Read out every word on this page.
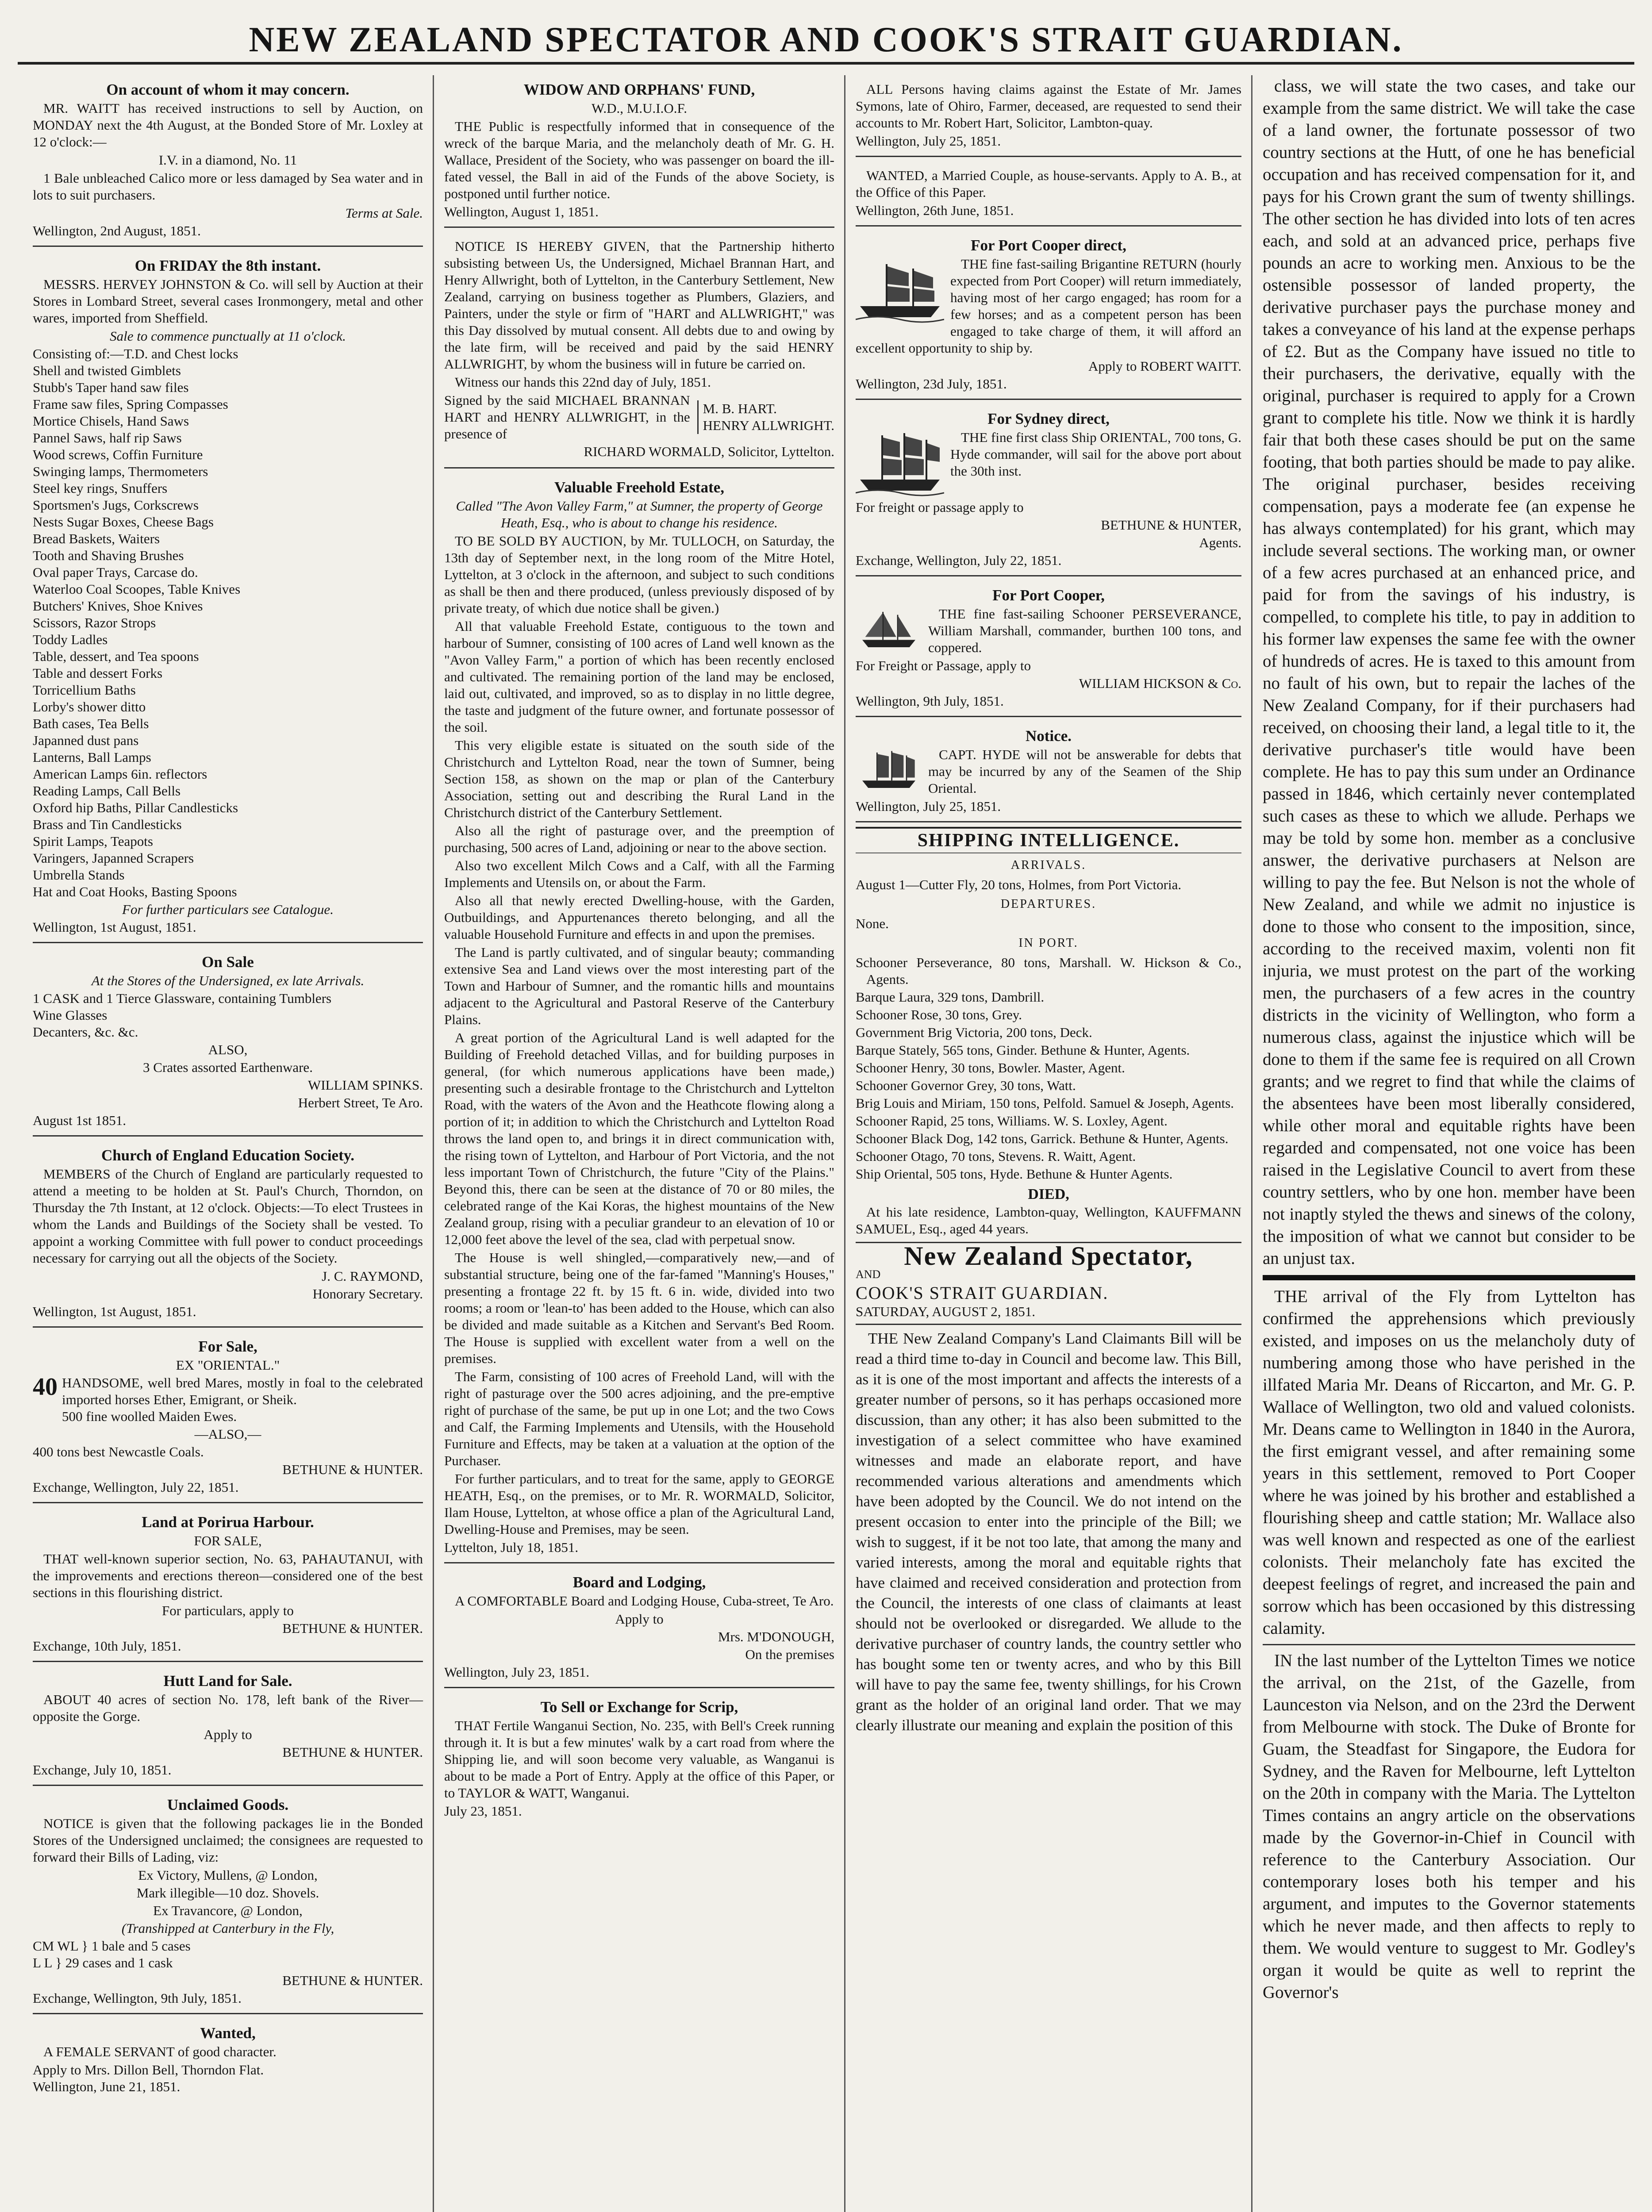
NEW ZEALAND SPECTATOR AND COOK'S STRAIT GUARDIAN.
On account of whom it may concern.

MR. WAITT has received instructions to sell by Auction, on MONDAY next the 4th August, at the Bonded Store of Mr. Loxley at 12 o'clock:—

I.V. in a diamond, No. 11

1 Bale unbleached Calico more or less damaged by Sea water and in lots to suit purchasers.

Terms at Sale.
Wellington, 2nd August, 1851.
On FRIDAY the 8th instant.

MESSRS. HERVEY JOHNSTON & Co. will sell by Auction at their Stores in Lombard Street, several cases Ironmongery, metal and other wares, imported from Sheffield.

Sale to commence punctually at 11 o'clock.
Consisting of:—T.D. and Chest locks
Shell and twisted Gimblets
Stubb's Taper hand saw files
Frame saw files, Spring Compasses
Mortice Chisels, Hand Saws
Pannel Saws, half rip Saws
Wood screws, Coffin Furniture
Swinging lamps, Thermometers
Steel key rings, Snuffers
Sportsmen's Jugs, Corkscrews
Nests Sugar Boxes, Cheese Bags
Bread Baskets, Waiters
Tooth and Shaving Brushes
Oval paper Trays, Carcase do.
Waterloo Coal Scoopes, Table Knives
Butchers' Knives, Shoe Knives
Scissors, Razor Strops
Toddy Ladles
Table, dessert, and Tea spoons
Table and dessert Forks
Torricellium Baths
Lorby's shower ditto
Bath cases, Tea Bells
Japanned dust pans
Lanterns, Ball Lamps
American Lamps 6in. reflectors
Reading Lamps, Call Bells
Oxford hip Baths, Pillar Candlesticks
Brass and Tin Candlesticks
Spirit Lamps, Teapots
Varingers, Japanned Scrapers
Umbrella Stands
Hat and Coat Hooks, Basting Spoons
For further particulars see Catalogue.
Wellington, 1st August, 1851.
On Sale
At the Stores of the Undersigned, ex late Arrivals.
1 CASK and 1 Tierce Glassware, containing Tumblers
Wine Glasses
Decanters, &c. &c.
ALSO,
3 Crates assorted Earthenware.
WILLIAM SPINKS.
Herbert Street, Te Aro.
August 1st 1851.
Church of England Education Society.

MEMBERS of the Church of England are particularly requested to attend a meeting to be holden at St. Paul's Church, Thorndon, on Thursday the 7th Instant, at 12 o'clock. Objects:—To elect Trustees in whom the Lands and Buildings of the Society shall be vested. To appoint a working Committee with full power to conduct proceedings necessary for carrying out all the objects of the Society.

J. C. RAYMOND,
Honorary Secretary.
Wellington, 1st August, 1851.
For Sale,
EX "ORIENTAL."
40 HANDSOME, well bred Mares, mostly in foal to the celebrated imported horses Ether, Emigrant, or Sheik.
500 fine woolled Maiden Ewes.
—ALSO,—
400 tons best Newcastle Coals.
BETHUNE & HUNTER.
Exchange, Wellington, July 22, 1851.
Land at Porirua Harbour.
FOR SALE,

THAT well-known superior section, No. 63, PAHAUTANUI, with the improvements and erections thereon—considered one of the best sections in this flourishing district.

For particulars, apply to
BETHUNE & HUNTER.
Exchange, 10th July, 1851.
Hutt Land for Sale.

ABOUT 40 acres of section No. 178, left bank of the River—opposite the Gorge.

Apply to
BETHUNE & HUNTER.
Exchange, July 10, 1851.
Unclaimed Goods.

NOTICE is given that the following packages lie in the Bonded Stores of the Undersigned unclaimed; the consignees are requested to forward their Bills of Lading, viz:

Ex Victory, Mullens, @ London,
Mark illegible—10 doz. Shovels.
Ex Travancore, @ London,
(Transhipped at Canterbury in the Fly,
CM WL } 1 bale and 5 cases
L L } 29 cases and 1 cask
BETHUNE & HUNTER.
Exchange, Wellington, 9th July, 1851.
Wanted,

A FEMALE SERVANT of good character.

Apply to Mrs. Dillon Bell, Thorndon Flat.
Wellington, June 21, 1851.
WIDOW AND ORPHANS' FUND,
W.D., M.U.I.O.F.

THE Public is respectfully informed that in consequence of the wreck of the barque Maria, and the melancholy death of Mr. G. H. Wallace, President of the Society, who was passenger on board the ill-fated vessel, the Ball in aid of the Funds of the above Society, is postponed until further notice.

Wellington, August 1, 1851.

NOTICE IS HEREBY GIVEN, that the Partnership hitherto subsisting between Us, the Undersigned, Michael Brannan Hart, and Henry Allwright, both of Lyttelton, in the Canterbury Settlement, New Zealand, carrying on business together as Plumbers, Glaziers, and Painters, under the style or firm of "HART and ALLWRIGHT," was this Day dissolved by mutual consent. All debts due to and owing by the late firm, will be received and paid by the said HENRY ALLWRIGHT, by whom the business will in future be carried on.

Witness our hands this 22nd day of July, 1851.

Signed by the said MICHAEL BRANNAN HART and HENRY ALLWRIGHT, in the presence of
M. B. HART.
HENRY ALLWRIGHT.
RICHARD WORMALD, Solicitor, Lyttelton.
Valuable Freehold Estate,
Called "The Avon Valley Farm," at Sumner, the property of George Heath, Esq., who is about to change his residence.

TO BE SOLD BY AUCTION, by Mr. TULLOCH, on Saturday, the 13th day of September next, in the long room of the Mitre Hotel, Lyttelton, at 3 o'clock in the afternoon, and subject to such conditions as shall be then and there produced, (unless previously disposed of by private treaty, of which due notice shall be given.)

All that valuable Freehold Estate, contiguous to the town and harbour of Sumner, consisting of 100 acres of Land well known as the "Avon Valley Farm," a portion of which has been recently enclosed and cultivated. The remaining portion of the land may be enclosed, laid out, cultivated, and improved, so as to display in no little degree, the taste and judgment of the future owner, and fortunate possessor of the soil.

This very eligible estate is situated on the south side of the Christchurch and Lyttelton Road, near the town of Sumner, being Section 158, as shown on the map or plan of the Canterbury Association, setting out and describing the Rural Land in the Christchurch district of the Canterbury Settlement.

Also all the right of pasturage over, and the preemption of purchasing, 500 acres of Land, adjoining or near to the above section.

Also two excellent Milch Cows and a Calf, with all the Farming Implements and Utensils on, or about the Farm.

Also all that newly erected Dwelling-house, with the Garden, Outbuildings, and Appurtenances thereto belonging, and all the valuable Household Furniture and effects in and upon the premises.

The Land is partly cultivated, and of singular beauty; commanding extensive Sea and Land views over the most interesting part of the Town and Harbour of Sumner, and the romantic hills and mountains adjacent to the Agricultural and Pastoral Reserve of the Canterbury Plains.

A great portion of the Agricultural Land is well adapted for the Building of Freehold detached Villas, and for building purposes in general, (for which numerous applications have been made,) presenting such a desirable frontage to the Christchurch and Lyttelton Road, with the waters of the Avon and the Heathcote flowing along a portion of it; in addition to which the Christchurch and Lyttelton Road throws the land open to, and brings it in direct communication with, the rising town of Lyttelton, and Harbour of Port Victoria, and the not less important Town of Christchurch, the future "City of the Plains." Beyond this, there can be seen at the distance of 70 or 80 miles, the celebrated range of the Kai Koras, the highest mountains of the New Zealand group, rising with a peculiar grandeur to an elevation of 10 or 12,000 feet above the level of the sea, clad with perpetual snow.

The House is well shingled,—comparatively new,—and of substantial structure, being one of the far-famed "Manning's Houses," presenting a frontage 22 ft. by 15 ft. 6 in. wide, divided into two rooms; a room or 'lean-to' has been added to the House, which can also be divided and made suitable as a Kitchen and Servant's Bed Room. The House is supplied with excellent water from a well on the premises.

The Farm, consisting of 100 acres of Freehold Land, will with the right of pasturage over the 500 acres adjoining, and the pre-emptive right of purchase of the same, be put up in one Lot; and the two Cows and Calf, the Farming Implements and Utensils, with the Household Furniture and Effects, may be taken at a valuation at the option of the Purchaser.

For further particulars, and to treat for the same, apply to GEORGE HEATH, Esq., on the premises, or to Mr. R. WORMALD, Solicitor, Ilam House, Lyttelton, at whose office a plan of the Agricultural Land, Dwelling-House and Premises, may be seen.

Lyttelton, July 18, 1851.
Board and Lodging,

A COMFORTABLE Board and Lodging House, Cuba-street, Te Aro.

Apply to
Mrs. M'DONOUGH,
On the premises
Wellington, July 23, 1851.
To Sell or Exchange for Scrip,

THAT Fertile Wanganui Section, No. 235, with Bell's Creek running through it. It is but a few minutes' walk by a cart road from where the Shipping lie, and will soon become very valuable, as Wanganui is about to be made a Port of Entry. Apply at the office of this Paper, or to TAYLOR & WATT, Wanganui.

July 23, 1851.

ALL Persons having claims against the Estate of Mr. James Symons, late of Ohiro, Farmer, deceased, are requested to send their accounts to Mr. Robert Hart, Solicitor, Lambton-quay.

Wellington, July 25, 1851.

WANTED, a Married Couple, as house-servants. Apply to A. B., at the Office of this Paper.

Wellington, 26th June, 1851.
For Port Cooper direct,

THE fine fast-sailing Brigantine RETURN (hourly expected from Port Cooper) will return immediately, having most of her cargo engaged; has room for a few horses; and as a competent person has been engaged to take charge of them, it will afford an excellent opportunity to ship by.

Apply to ROBERT WAITT.
Wellington, 23d July, 1851.
For Sydney direct,

THE fine first class Ship ORIENTAL, 700 tons, G. Hyde commander, will sail for the above port about the 30th inst.

For freight or passage apply to
BETHUNE & HUNTER,
Agents.
Exchange, Wellington, July 22, 1851.
For Port Cooper,

THE fine fast-sailing Schooner PERSEVERANCE, William Marshall, commander, burthen 100 tons, and coppered.

For Freight or Passage, apply to
WILLIAM HICKSON & Co.
Wellington, 9th July, 1851.
Notice.

CAPT. HYDE will not be answerable for debts that may be incurred by any of the Seamen of the Ship Oriental.

Wellington, July 25, 1851.
SHIPPING INTELLIGENCE.
ARRIVALS.
August 1—Cutter Fly, 20 tons, Holmes, from Port Victoria.
DEPARTURES.
None.
IN PORT.

Schooner Perseverance, 80 tons, Marshall. W. Hickson & Co., Agents.

Barque Laura, 329 tons, Dambrill.

Schooner Rose, 30 tons, Grey.

Government Brig Victoria, 200 tons, Deck.

Barque Stately, 565 tons, Ginder. Bethune & Hunter, Agents.

Schooner Henry, 30 tons, Bowler. Master, Agent.

Schooner Governor Grey, 30 tons, Watt.

Brig Louis and Miriam, 150 tons, Pelfold. Samuel & Joseph, Agents.

Schooner Rapid, 25 tons, Williams. W. S. Loxley, Agent.

Schooner Black Dog, 142 tons, Garrick. Bethune & Hunter, Agents.

Schooner Otago, 70 tons, Stevens. R. Waitt, Agent.

Ship Oriental, 505 tons, Hyde. Bethune & Hunter Agents.

DIED,

At his late residence, Lambton-quay, Wellington, KAUFFMANN SAMUEL, Esq., aged 44 years.

New Zealand Spectator,
AND
COOK'S STRAIT GUARDIAN.
SATURDAY, AUGUST 2, 1851.

THE New Zealand Company's Land Claimants Bill will be read a third time to-day in Council and become law. This Bill, as it is one of the most important and affects the interests of a greater number of persons, so it has perhaps occasioned more discussion, than any other; it has also been submitted to the investigation of a select committee who have examined witnesses and made an elaborate report, and have recommended various alterations and amendments which have been adopted by the Council. We do not intend on the present occasion to enter into the principle of the Bill; we wish to suggest, if it be not too late, that among the many and varied interests, among the moral and equitable rights that have claimed and received consideration and protection from the Council, the interests of one class of claimants at least should not be overlooked or disregarded. We allude to the derivative purchaser of country lands, the country settler who has bought some ten or twenty acres, and who by this Bill will have to pay the same fee, twenty shillings, for his Crown grant as the holder of an original land order. That we may clearly illustrate our meaning and explain the position of this

class, we will state the two cases, and take our example from the same district. We will take the case of a land owner, the fortunate possessor of two country sections at the Hutt, of one he has beneficial occupation and has received compensation for it, and pays for his Crown grant the sum of twenty shillings. The other section he has divided into lots of ten acres each, and sold at an advanced price, perhaps five pounds an acre to working men. Anxious to be the ostensible possessor of landed property, the derivative purchaser pays the purchase money and takes a conveyance of his land at the expense perhaps of £2. But as the Company have issued no title to their purchasers, the derivative, equally with the original, purchaser is required to apply for a Crown grant to complete his title. Now we think it is hardly fair that both these cases should be put on the same footing, that both parties should be made to pay alike. The original purchaser, besides receiving compensation, pays a moderate fee (an expense he has always contemplated) for his grant, which may include several sections. The working man, or owner of a few acres purchased at an enhanced price, and paid for from the savings of his industry, is compelled, to complete his title, to pay in addition to his former law expenses the same fee with the owner of hundreds of acres. He is taxed to this amount from no fault of his own, but to repair the laches of the New Zealand Company, for if their purchasers had received, on choosing their land, a legal title to it, the derivative purchaser's title would have been complete. He has to pay this sum under an Ordinance passed in 1846, which certainly never contemplated such cases as these to which we allude. Perhaps we may be told by some hon. member as a conclusive answer, the derivative purchasers at Nelson are willing to pay the fee. But Nelson is not the whole of New Zealand, and while we admit no injustice is done to those who consent to the imposition, since, according to the received maxim, volenti non fit injuria, we must protest on the part of the working men, the purchasers of a few acres in the country districts in the vicinity of Wellington, who form a numerous class, against the injustice which will be done to them if the same fee is required on all Crown grants; and we regret to find that while the claims of the absentees have been most liberally considered, while other moral and equitable rights have been regarded and compensated, not one voice has been raised in the Legislative Council to avert from these country settlers, who by one hon. member have been not inaptly styled the thews and sinews of the colony, the imposition of what we cannot but consider to be an unjust tax.

THE arrival of the Fly from Lyttelton has confirmed the apprehensions which previously existed, and imposes on us the melancholy duty of numbering among those who have perished in the illfated Maria Mr. Deans of Riccarton, and Mr. G. P. Wallace of Wellington, two old and valued colonists. Mr. Deans came to Wellington in 1840 in the Aurora, the first emigrant vessel, and after remaining some years in this settlement, removed to Port Cooper where he was joined by his brother and established a flourishing sheep and cattle station; Mr. Wallace also was well known and respected as one of the earliest colonists. Their melancholy fate has excited the deepest feelings of regret, and increased the pain and sorrow which has been occasioned by this distressing calamity.

IN the last number of the Lyttelton Times we notice the arrival, on the 21st, of the Gazelle, from Launceston via Nelson, and on the 23rd the Derwent from Melbourne with stock. The Duke of Bronte for Guam, the Steadfast for Singapore, the Eudora for Sydney, and the Raven for Melbourne, left Lyttelton on the 20th in company with the Maria. The Lyttelton Times contains an angry article on the observations made by the Governor-in-Chief in Council with reference to the Canterbury Association. Our contemporary loses both his temper and his argument, and imputes to the Governor statements which he never made, and then affects to reply to them. We would venture to suggest to Mr. Godley's organ it would be quite as well to reprint the Governor's
